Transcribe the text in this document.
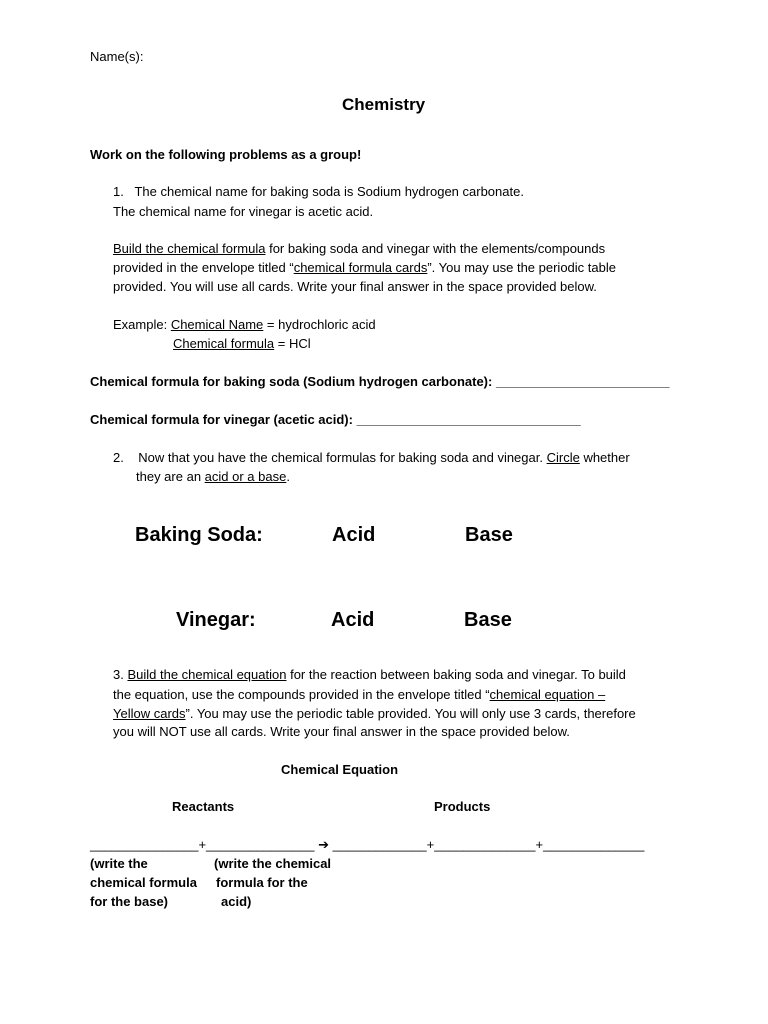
Name(s):
Chemistry
Work on the following problems as a group!
1. The chemical name for baking soda is Sodium hydrogen carbonate.
The chemical name for vinegar is acetic acid.
Build the chemical formula for baking soda and vinegar with the elements/compounds
provided in the envelope titled “chemical formula cards”. You may use the periodic table
provided. You will use all cards. Write your final answer in the space provided below.
Example: Chemical Name = hydrochloric acid
Chemical formula = HCl
Chemical formula for baking soda (Sodium hydrogen carbonate): ________________________
Chemical formula for vinegar (acetic acid): _______________________________
2. Now that you have the chemical formulas for baking soda and vinegar. Circle whether
they are an acid or a base.
Baking Soda:	Acid	Base
Vinegar:	Acid	Base
3. Build the chemical equation for the reaction between baking soda and vinegar. To build
the equation, use the compounds provided in the envelope titled “chemical equation –
Yellow cards”. You may use the periodic table provided. You will only use 3 cards, therefore
you will NOT use all cards. Write your final answer in the space provided below.
Chemical Equation
Reactants	Products
_______________+_______________ ➔ _____________+______________+______________
(write the
chemical formula
for the base)
(write the chemical
formula for the
acid)
